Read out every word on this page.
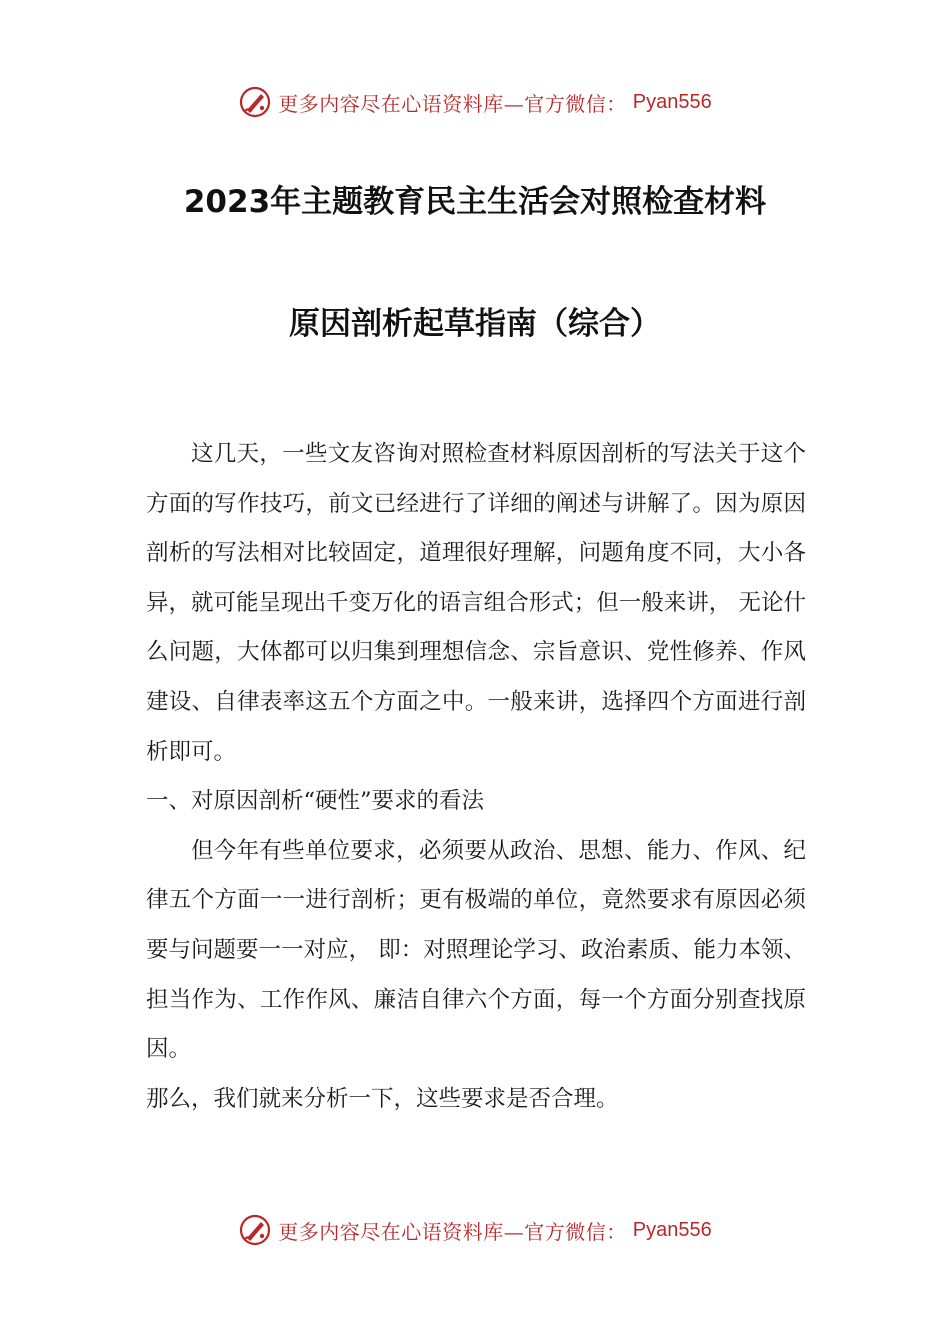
更多内容尽在心语资料库—官方微信： Pyan556
2023年主题教育民主生活会对照检查材料
原因剖析起草指南（综合）

这几天，一些文友咨询对照检查材料原因剖析的写法关于这个方面的写作技巧，前文已经进行了详细的阐述与讲解了。因为原因剖析的写法相对比较固定，道理很好理解，问题角度不同，大小各异，就可能呈现出千变万化的语言组合形式；但一般来讲， 无论什么问题，大体都可以归集到理想信念、宗旨意识、党性修养、作风建设、自律表率这五个方面之中。一般来讲，选择四个方面进行剖析即可。

一、对原因剖析“硬性”要求的看法

但今年有些单位要求，必须要从政治、思想、能力、作风、纪律五个方面一一进行剖析；更有极端的单位，竟然要求有原因必须要与问题要一一对应， 即：对照理论学习、政治素质、能力本领、担当作为、工作作风、廉洁自律六个方面，每一个方面分别查找原因。

那么，我们就来分析一下，这些要求是否合理。

更多内容尽在心语资料库—官方微信： Pyan556
